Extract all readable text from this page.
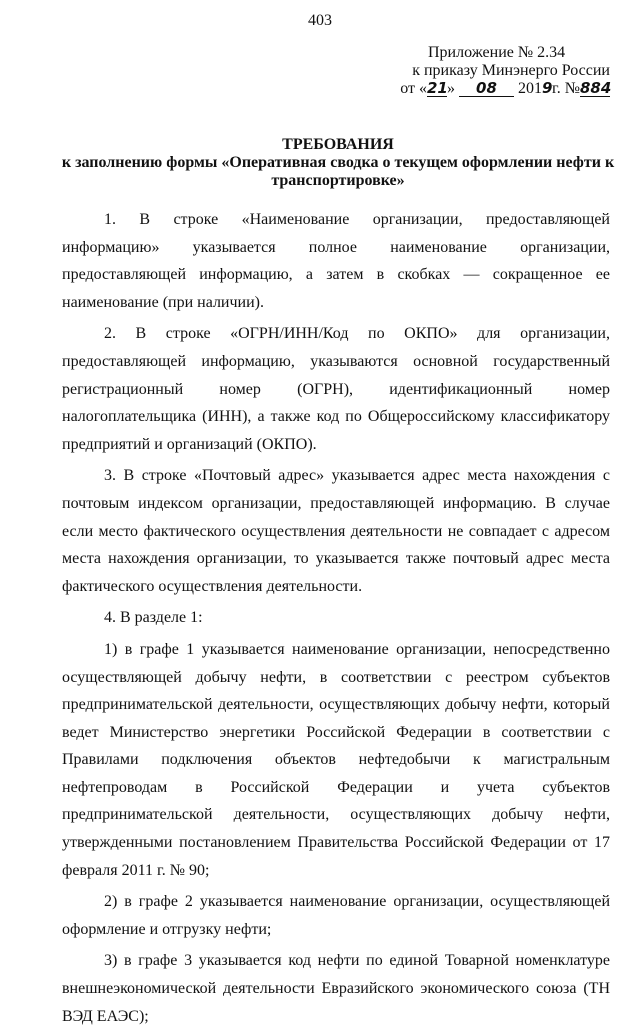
403
Приложение № 2.34
к приказу Минэнерго России
от «21» 08 2019г. №884
ТРЕБОВАНИЯ
к заполнению формы «Оперативная сводка о текущем оформлении нефти к транспортировке»

1. В строке «Наименование организации, предоставляющей информацию» указывается полное наименование организации, предоставляющей информацию, а затем в скобках — сокращенное ее наименование (при наличии).

2. В строке «ОГРН/ИНН/Код по ОКПО» для организации, предоставляющей информацию, указываются основной государственный регистрационный номер (ОГРН), идентификационный номер налогоплательщика (ИНН), а также код по Общероссийскому классификатору предприятий и организаций (ОКПО).

3. В строке «Почтовый адрес» указывается адрес места нахождения с почтовым индексом организации, предоставляющей информацию. В случае если место фактического осуществления деятельности не совпадает с адресом места нахождения организации, то указывается также почтовый адрес места фактического осуществления деятельности.

4. В разделе 1:

1) в графе 1 указывается наименование организации, непосредственно осуществляющей добычу нефти, в соответствии с реестром субъектов предпринимательской деятельности, осуществляющих добычу нефти, который ведет Министерство энергетики Российской Федерации в соответствии с Правилами подключения объектов нефтедобычи к магистральным нефтепроводам в Российской Федерации и учета субъектов предпринимательской деятельности, осуществляющих добычу нефти, утвержденными постановлением Правительства Российской Федерации от 17 февраля 2011 г. № 90;

2) в графе 2 указывается наименование организации, осуществляющей оформление и отгрузку нефти;

3) в графе 3 указывается код нефти по единой Товарной номенклатуре внешнеэкономической деятельности Евразийского экономического союза (ТН ВЭД ЕАЭС);
